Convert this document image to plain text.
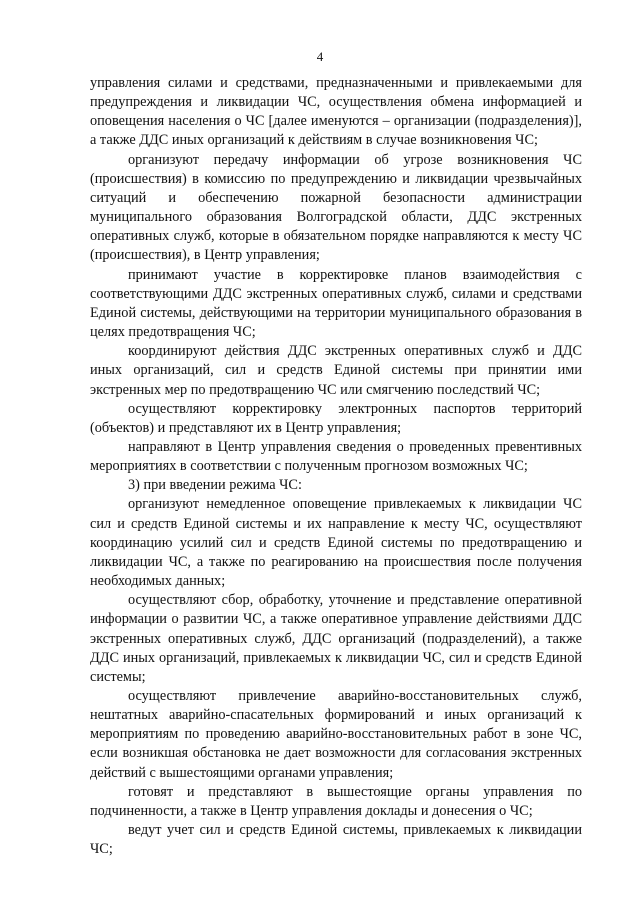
4

управления силами и средствами, предназначенными и привлекаемыми для предупреждения и ликвидации ЧС, осуществления обмена информацией и оповещения населения о ЧС [далее именуются – организации (подразделения)], а также ДДС иных организаций к действиям в случае возникновения ЧС;

организуют передачу информации об угрозе возникновения ЧС (происшествия) в комиссию по предупреждению и ликвидации чрезвычайных ситуаций и обеспечению пожарной безопасности администрации муниципального образования Волгоградской области, ДДС экстренных оперативных служб, которые в обязательном порядке направляются к месту ЧС (происшествия), в Центр управления;

принимают участие в корректировке планов взаимодействия с соответствующими ДДС экстренных оперативных служб, силами и средствами Единой системы, действующими на территории муниципального образования в целях предотвращения ЧС;

координируют действия ДДС экстренных оперативных служб и ДДС иных организаций, сил и средств Единой системы при принятии ими экстренных мер по предотвращению ЧС или смягчению последствий ЧС;

осуществляют корректировку электронных паспортов территорий (объектов) и представляют их в Центр управления;

направляют в Центр управления сведения о проведенных превентивных мероприятиях в соответствии с полученным прогнозом возможных ЧС;

3) при введении режима ЧС:

организуют немедленное оповещение привлекаемых к ликвидации ЧС сил и средств Единой системы и их направление к месту ЧС, осуществляют координацию усилий сил и средств Единой системы по предотвращению и ликвидации ЧС, а также по реагированию на происшествия после получения необходимых данных;

осуществляют сбор, обработку, уточнение и представление оперативной информации о развитии ЧС, а также оперативное управление действиями ДДС экстренных оперативных служб, ДДС организаций (подразделений), а также ДДС иных организаций, привлекаемых к ликвидации ЧС, сил и средств Единой системы;

осуществляют привлечение аварийно-восстановительных служб, нештатных аварийно-спасательных формирований и иных организаций к мероприятиям по проведению аварийно-восстановительных работ в зоне ЧС, если возникшая обстановка не дает возможности для согласования экстренных действий с вышестоящими органами управления;

готовят и представляют в вышестоящие органы управления по подчиненности, а также в Центр управления доклады и донесения о ЧС;

ведут учет сил и средств Единой системы, привлекаемых к ликвидации ЧС;
